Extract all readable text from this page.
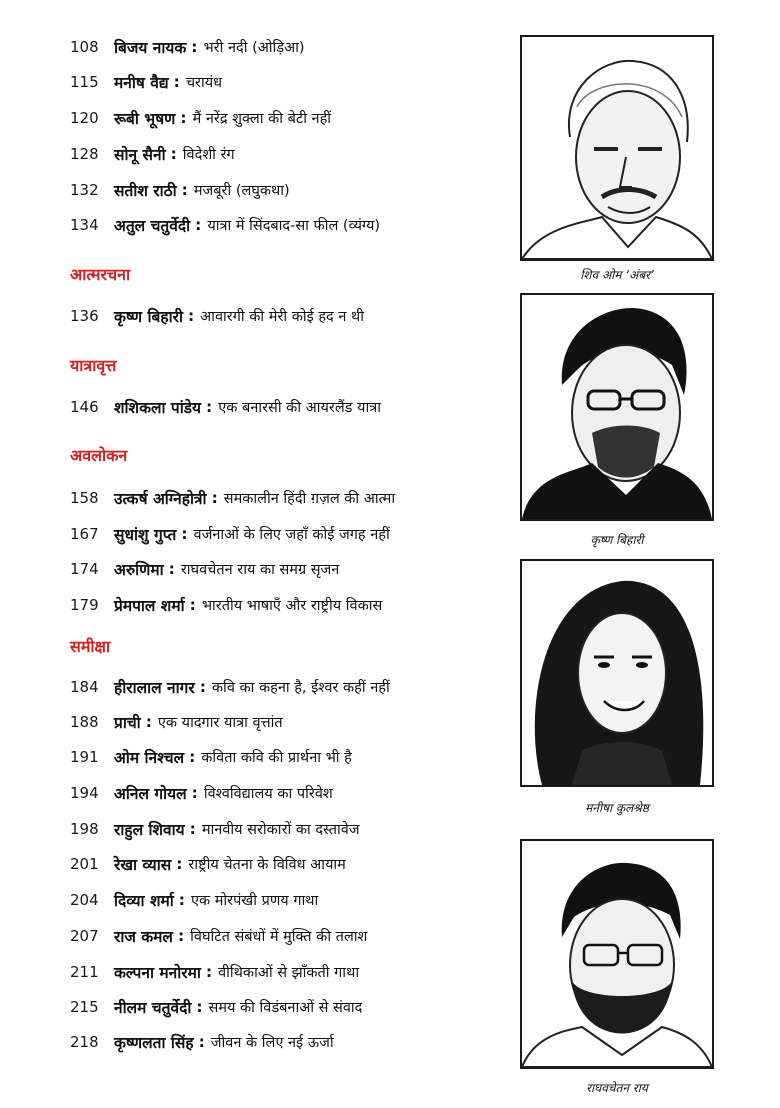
108 बिजय नायक : भरी नदी (ओड़िआ)
115 मनीष वैद्य : चरायंध
120 रूबी भूषण : मैं नरेंद्र शुक्ला की बेटी नहीं
128 सोनू सैनी : विदेशी रंग
132 सतीश राठी : मजबूरी (लघुकथा)
134 अतुल चतुर्वेदी : यात्रा में सिंदबाद-सा फील (व्यंग्य)
आत्मरचना
136 कृष्ण बिहारी : आवारगी की मेरी कोई हद न थी
यात्रावृत्त
146 शशिकला पांडेय : एक बनारसी की आयरलैंड यात्रा
अवलोकन
158 उत्कर्ष अग्निहोत्री : समकालीन हिंदी ग़ज़ल की आत्मा
167 सुधांशु गुप्त : वर्जनाओं के लिए जहाँ कोई जगह नहीं
174 अरुणिमा : राघवचेतन राय का समग्र सृजन
179 प्रेमपाल शर्मा : भारतीय भाषाएँ और राष्ट्रीय विकास
समीक्षा
184 हीरालाल नागर : कवि का कहना है, ईश्वर कहीं नहीं
188 प्राची : एक यादगार यात्रा वृत्तांत
191 ओम निश्चल : कविता कवि की प्रार्थना भी है
194 अनिल गोयल : विश्वविद्यालय का परिवेश
198 राहुल शिवाय : मानवीय सरोकारों का दस्तावेज
201 रेखा व्यास : राष्ट्रीय चेतना के विविध आयाम
204 दिव्या शर्मा : एक मोरपंखी प्रणय गाथा
207 राज कमल : विघटित संबंधों में मुक्ति की तलाश
211 कल्पना मनोरमा : वीथिकाओं से झाँकती गाथा
215 नीलम चतुर्वेदी : समय की विडंबनाओं से संवाद
218 कृष्णलता सिंह : जीवन के लिए नई ऊर्जा
शिव ओम ‘अंबर’
कृष्ण बिहारी
मनीषा कुलश्रेष्ठ
राघवचेतन राय
